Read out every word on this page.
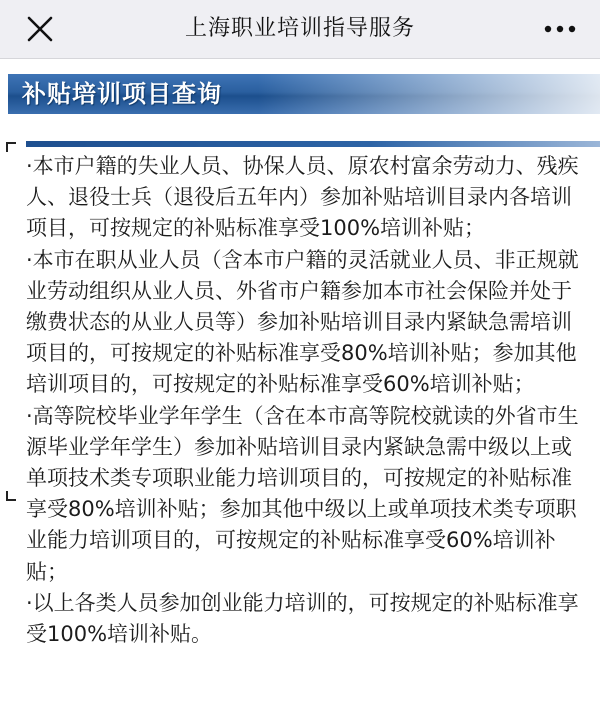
上海职业培训指导服务
补贴培训项目查询

·本市户籍的失业人员、协保人员、原农村富余劳动力、残疾人、退役士兵（退役后五年内）参加补贴培训目录内各培训项目，可按规定的补贴标准享受100%培训补贴；

·本市在职从业人员（含本市户籍的灵活就业人员、非正规就业劳动组织从业人员、外省市户籍参加本市社会保险并处于缴费状态的从业人员等）参加补贴培训目录内紧缺急需培训项目的，可按规定的补贴标准享受80%培训补贴；参加其他培训项目的，可按规定的补贴标准享受60%培训补贴；

·高等院校毕业学年学生（含在本市高等院校就读的外省市生源毕业学年学生）参加补贴培训目录内紧缺急需中级以上或单项技术类专项职业能力培训项目的，可按规定的补贴标准享受80%培训补贴；参加其他中级以上或单项技术类专项职业能力培训项目的，可按规定的补贴标准享受60%培训补贴；

·以上各类人员参加创业能力培训的，可按规定的补贴标准享受100%培训补贴。
